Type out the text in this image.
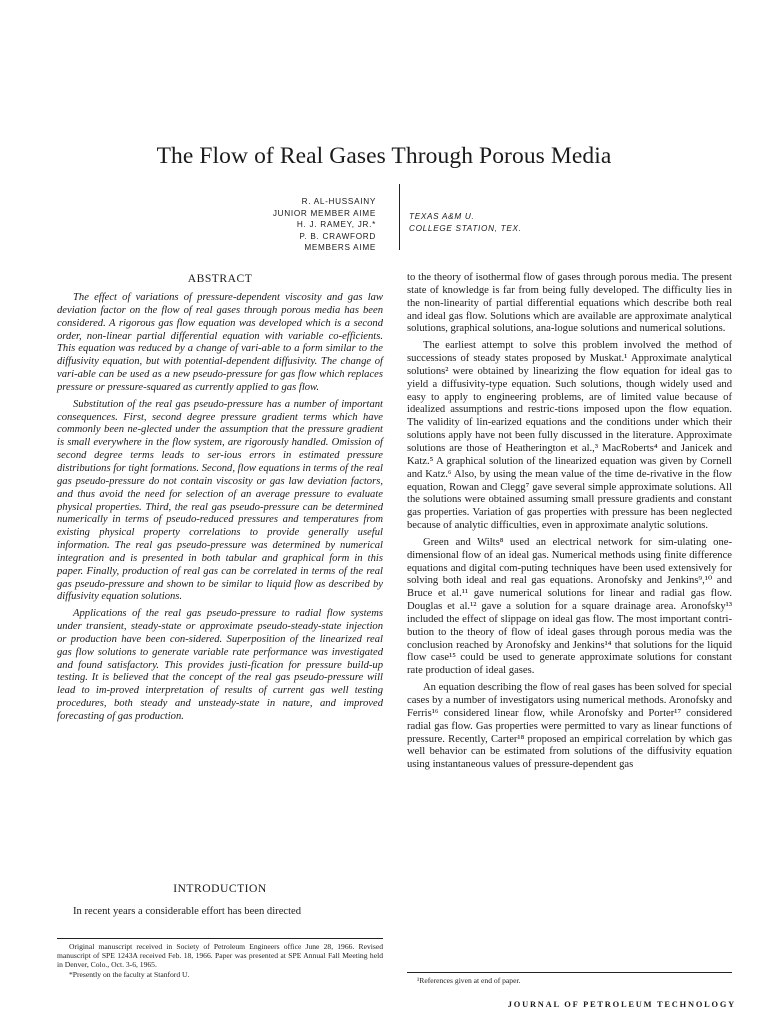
The Flow of Real Gases Through Porous Media
R. AL-HUSSAINY
JUNIOR MEMBER AIME
H. J. RAMEY, JR.*
P. B. CRAWFORD
MEMBERS AIME
TEXAS A&M U.
COLLEGE STATION, TEX.
ABSTRACT

The effect of variations of pressure-dependent viscosity and gas law deviation factor on the flow of real gases through porous media has been considered. A rigorous gas flow equation was developed which is a second order, non-linear partial differential equation with variable co-efficients. This equation was reduced by a change of vari-able to a form similar to the diffusivity equation, but with potential-dependent diffusivity. The change of vari-able can be used as a new pseudo-pressure for gas flow which replaces pressure or pressure-squared as currently applied to gas flow.

Substitution of the real gas pseudo-pressure has a number of important consequences. First, second degree pressure gradient terms which have commonly been ne-glected under the assumption that the pressure gradient is small everywhere in the flow system, are rigorously handled. Omission of second degree terms leads to ser-ious errors in estimated pressure distributions for tight formations. Second, flow equations in terms of the real gas pseudo-pressure do not contain viscosity or gas law deviation factors, and thus avoid the need for selection of an average pressure to evaluate physical properties. Third, the real gas pseudo-pressure can be determined numerically in terms of pseudo-reduced pressures and temperatures from existing physical property correlations to provide generally useful information. The real gas pseudo-pressure was determined by numerical integration and is presented in both tabular and graphical form in this paper. Finally, production of real gas can be correlated in terms of the real gas pseudo-pressure and shown to be similar to liquid flow as described by diffusivity equation solutions.

Applications of the real gas pseudo-pressure to radial flow systems under transient, steady-state or approximate pseudo-steady-state injection or production have been con-sidered. Superposition of the linearized real gas flow solutions to generate variable rate performance was investigated and found satisfactory. This provides justi-fication for pressure build-up testing. It is believed that the concept of the real gas pseudo-pressure will lead to im-proved interpretation of results of current gas well testing procedures, both steady and unsteady-state in nature, and improved forecasting of gas production.

INTRODUCTION

In recent years a considerable effort has been directed

Original manuscript received in Society of Petroleum Engineers office June 28, 1966. Revised manuscript of SPE 1243A received Feb. 18, 1966. Paper was presented at SPE Annual Fall Meeting held in Denver, Colo., Oct. 3-6, 1965.

*Presently on the faculty at Stanford U.

to the theory of isothermal flow of gases through porous media. The present state of knowledge is far from being fully developed. The difficulty lies in the non-linearity of partial differential equations which describe both real and ideal gas flow. Solutions which are available are approximate analytical solutions, graphical solutions, ana-logue solutions and numerical solutions.

The earliest attempt to solve this problem involved the method of successions of steady states proposed by Muskat.¹ Approximate analytical solutions² were obtained by linearizing the flow equation for ideal gas to yield a diffusivity-type equation. Such solutions, though widely used and easy to apply to engineering problems, are of limited value because of idealized assumptions and restric-tions imposed upon the flow equation. The validity of lin-earized equations and the conditions under which their solutions apply have not been fully discussed in the literature. Approximate solutions are those of Heatherington et al.,³ MacRoberts⁴ and Janicek and Katz.⁵ A graphical solution of the linearized equation was given by Cornell and Katz.⁶ Also, by using the mean value of the time de-rivative in the flow equation, Rowan and Clegg⁷ gave several simple approximate solutions. All the solutions were obtained assuming small pressure gradients and constant gas properties. Variation of gas properties with pressure has been neglected because of analytic difficulties, even in approximate analytic solutions.

Green and Wilts⁸ used an electrical network for sim-ulating one-dimensional flow of an ideal gas. Numerical methods using finite difference equations and digital com-puting techniques have been used extensively for solving both ideal and real gas equations. Aronofsky and Jenkins⁹,¹⁰ and Bruce et al.¹¹ gave numerical solutions for linear and radial gas flow. Douglas et al.¹² gave a solution for a square drainage area. Aronofsky¹³ included the effect of slippage on ideal gas flow. The most important contri-bution to the theory of flow of ideal gases through porous media was the conclusion reached by Aronofsky and Jenkins¹⁴ that solutions for the liquid flow case¹⁵ could be used to generate approximate solutions for constant rate production of ideal gases.

An equation describing the flow of real gases has been solved for special cases by a number of investigators using numerical methods. Aronofsky and Ferris¹⁶ considered linear flow, while Aronofsky and Porter¹⁷ considered radial gas flow. Gas properties were permitted to vary as linear functions of pressure. Recently, Carter¹⁸ proposed an empirical correlation by which gas well behavior can be estimated from solutions of the diffusivity equation using instantaneous values of pressure-dependent gas

¹References given at end of paper.

JOURNAL OF PETROLEUM TECHNOLOGY
